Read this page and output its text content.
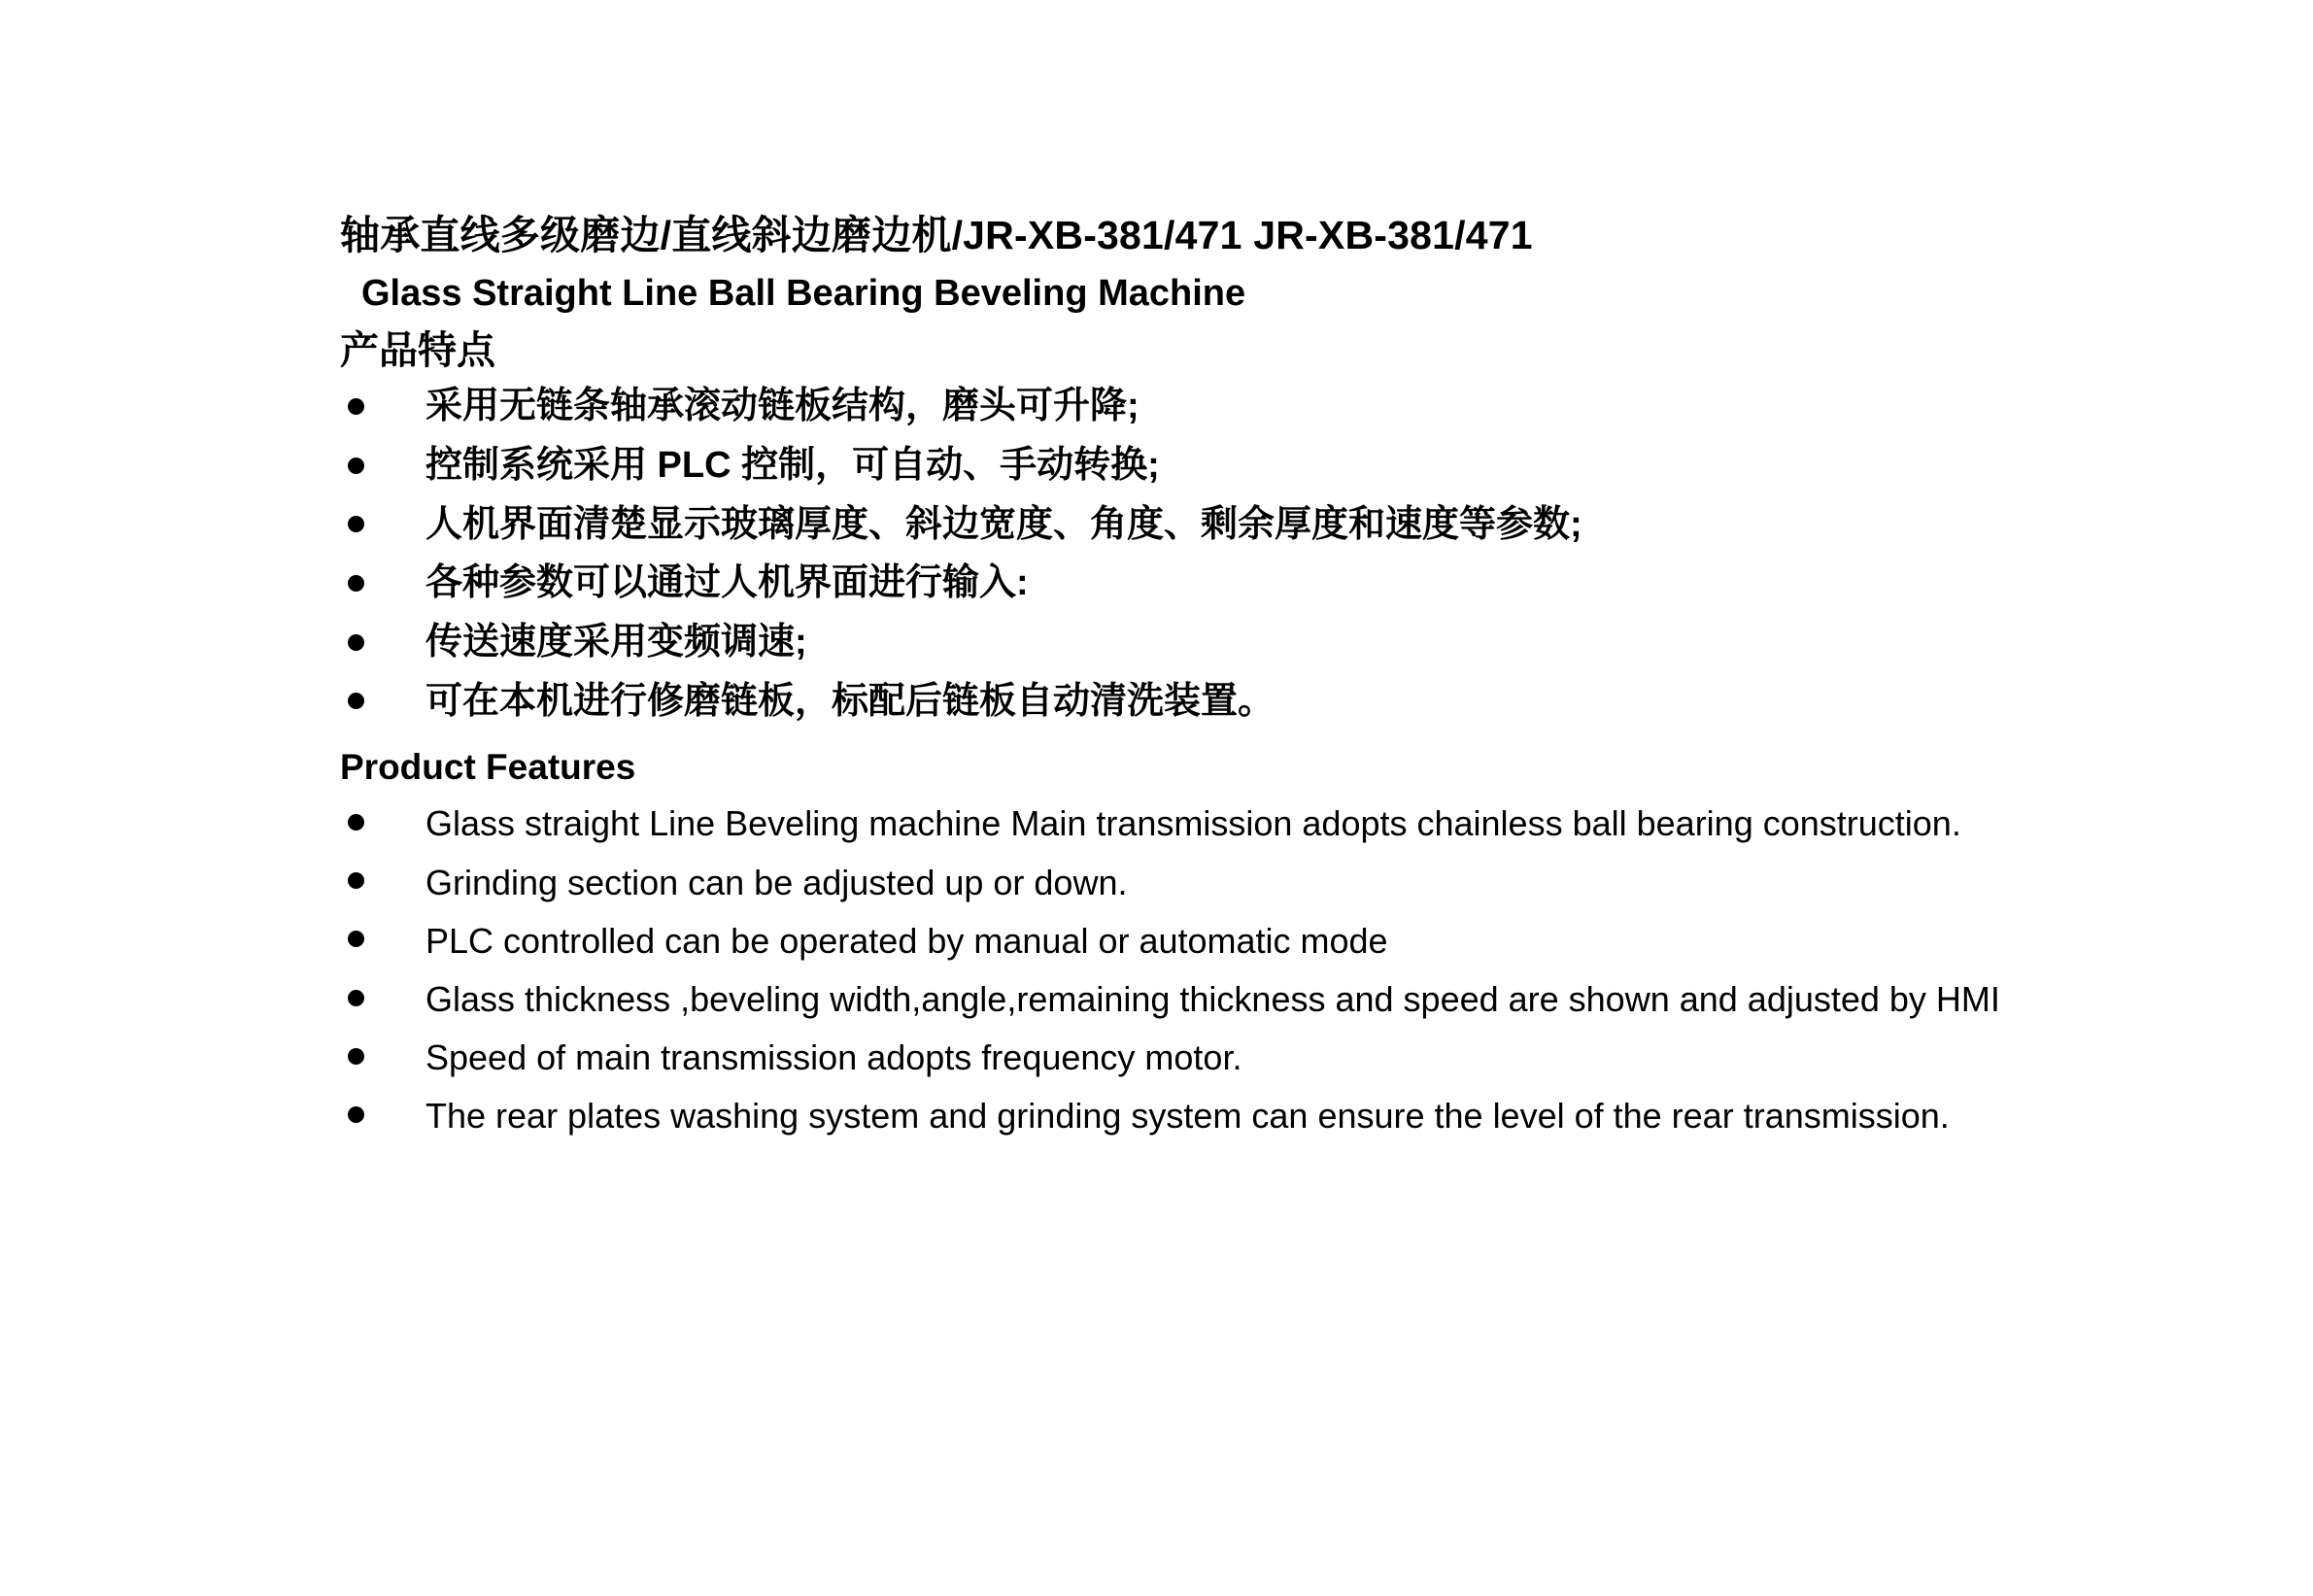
轴承直线多级磨边/直线斜边磨边机/JR-XB-381/471 JR-XB-381/471
Glass Straight Line Ball Bearing Beveling Machine
产品特点
采用无链条轴承滚动链板结构，磨头可升降;
控制系统采用 PLC 控制，可自动、手动转换;
人机界面清楚显示玻璃厚度、斜边宽度、角度、剩余厚度和速度等参数;
各种参数可以通过人机界面进行输入:
传送速度采用变频调速;
可在本机进行修磨链板，标配后链板自动清洗装置。
Product Features
Glass straight Line Beveling machine Main transmission adopts chainless ball bearing construction.
Grinding section can be adjusted up or down.
PLC controlled can be operated by manual or automatic mode
Glass thickness ,beveling width,angle,remaining thickness and speed are shown and adjusted by HMI
Speed of main transmission adopts frequency motor.
The rear plates washing system and grinding system can ensure the level of the rear transmission.
